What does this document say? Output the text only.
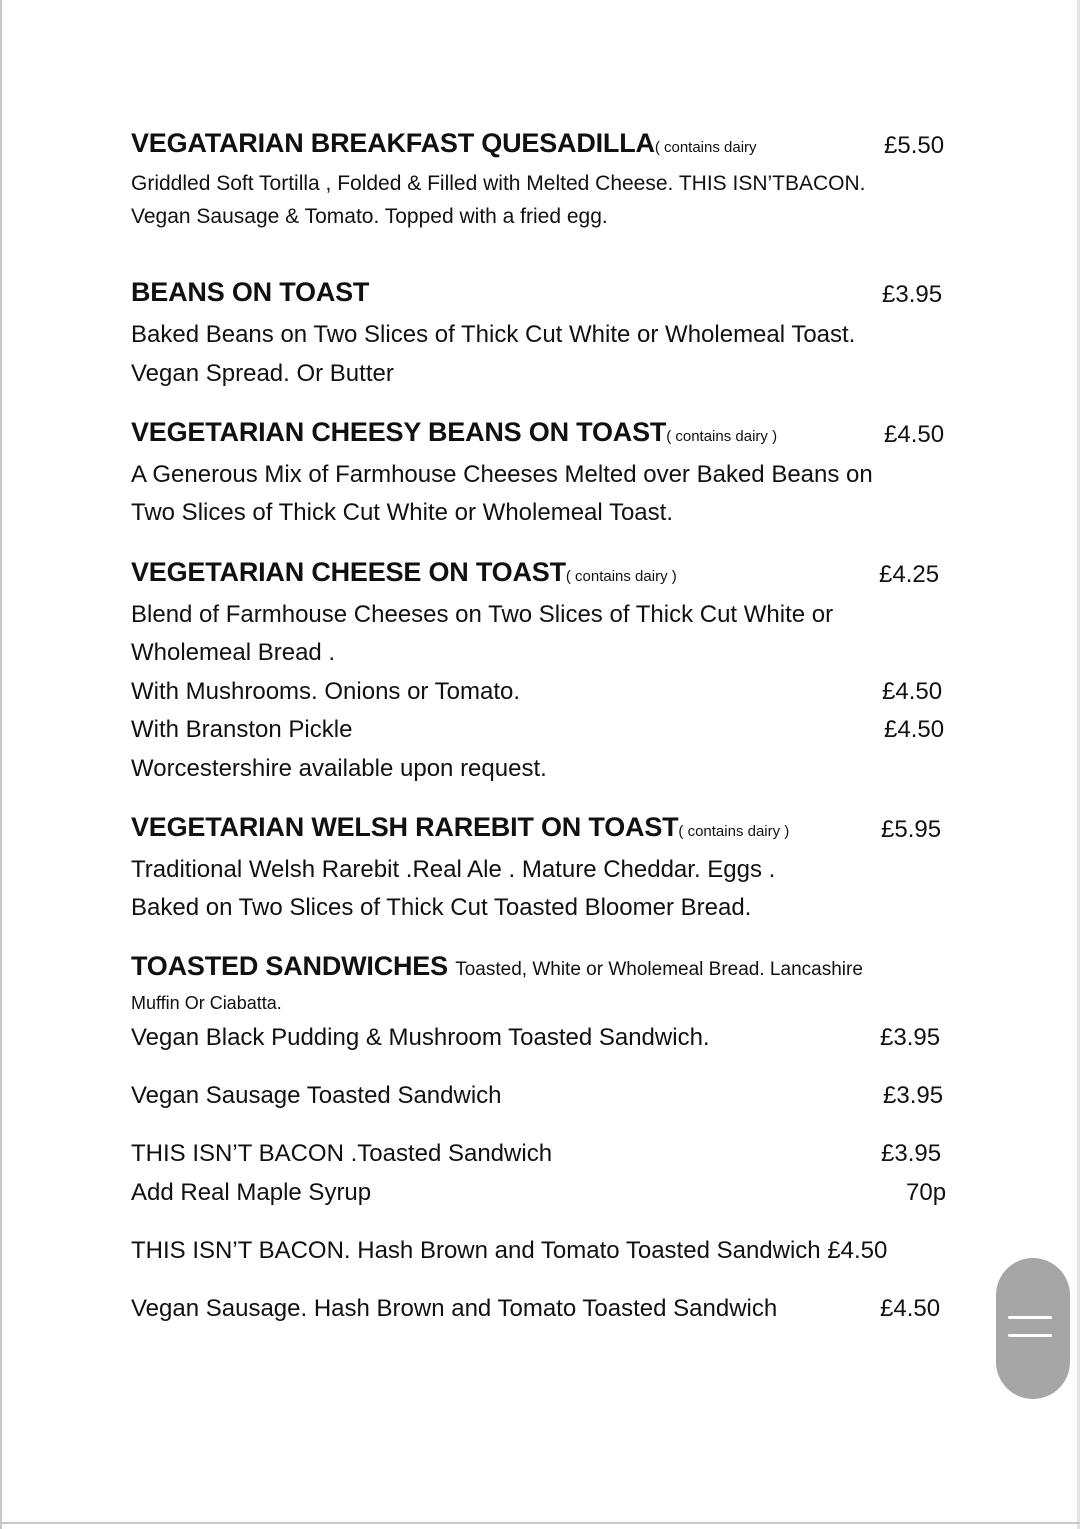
VEGATARIAN BREAKFAST QUESADILLA( contains dairy	£5.50
Griddled Soft Tortilla , Folded & Filled with Melted Cheese. THIS ISN’TBACON.
Vegan Sausage & Tomato. Topped with a fried egg.
BEANS ON TOAST	£3.95
Baked Beans on Two Slices of Thick Cut White or Wholemeal Toast.
Vegan Spread. Or Butter
VEGETARIAN CHEESY BEANS ON TOAST( contains dairy )	£4.50
A Generous Mix of Farmhouse Cheeses Melted over Baked Beans on
Two Slices of Thick Cut White or Wholemeal Toast.
VEGETARIAN CHEESE ON TOAST( contains dairy )	£4.25
Blend of Farmhouse Cheeses on Two Slices of Thick Cut White or
Wholemeal Bread .
With Mushrooms. Onions or Tomato.	£4.50
With Branston Pickle	£4.50
Worcestershire available upon request.
VEGETARIAN WELSH RAREBIT ON TOAST( contains dairy )	£5.95
Traditional Welsh Rarebit .Real Ale . Mature Cheddar. Eggs .
Baked on Two Slices of Thick Cut Toasted Bloomer Bread.
TOASTED SANDWICHES Toasted, White or Wholemeal Bread. Lancashire
Muffin Or Ciabatta.
Vegan Black Pudding & Mushroom Toasted Sandwich.	£3.95
Vegan Sausage Toasted Sandwich	£3.95
THIS ISN’T BACON .Toasted Sandwich	£3.95
Add Real Maple Syrup	70p
THIS ISN’T BACON. Hash Brown and Tomato Toasted Sandwich £4.50
Vegan Sausage. Hash Brown and Tomato Toasted Sandwich	£4.50
